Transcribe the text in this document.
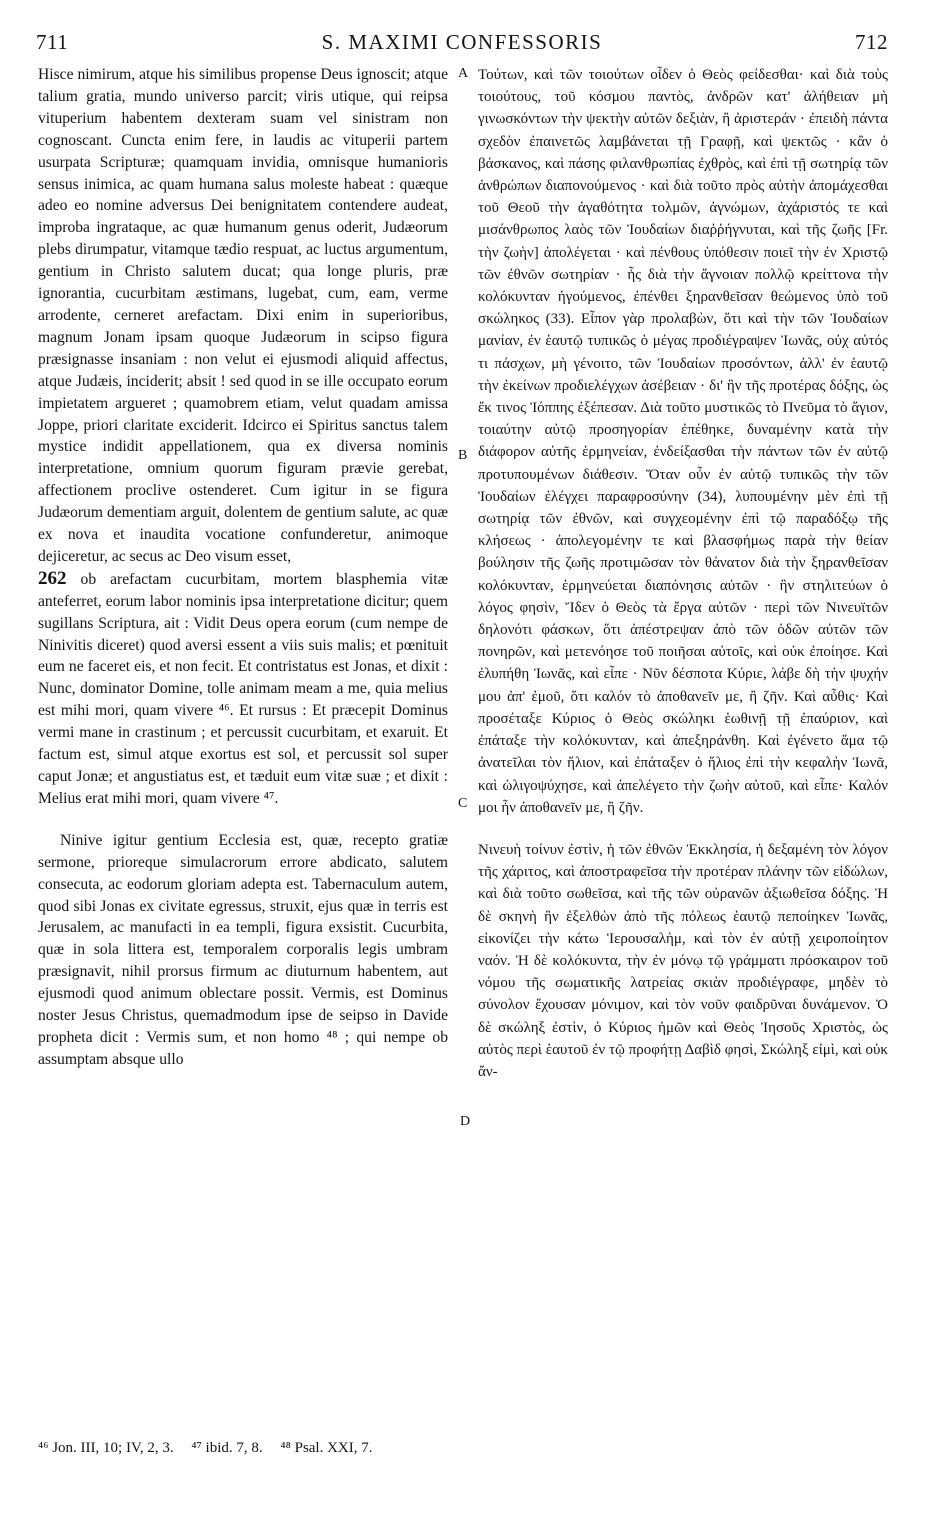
711	S. MAXIMI CONFESSORIS	712

Hisce nimirum, atque his similibus propense Deus ignoscit; atque talium gratia, mundo universo parcit; viris utique, qui reipsa vituperium habentem dexteram suam vel sinistram non cognoscant. Cuncta enim fere, in laudis ac vituperii partem usurpata Scripturæ; quamquam invidia, omnisque humanioris sensus inimica, ac quam humana salus moleste habeat : quæque adeo eo nomine adversus Dei benignitatem contendere audeat, improba ingrataque, ac quæ humanum genus oderit, Judæorum plebs dirumpatur, vitamque tædio respuat, ac luctus argumentum, gentium in Christo salutem ducat; qua longe pluris, præ ignorantia, cucurbitam æstimans, lugebat, cum, eam, verme arrodente, cerneret arefactam. Dixi enim in superioribus, magnum Jonam ipsam quoque Judæorum in scipso figura præsignasse insaniam : non velut ei ejusmodi aliquid affectus, atque Judæis, inciderit; absit ! sed quod in se ille occupato eorum impietatem argueret ; quamobrem etiam, velut quadam amissa Joppe, priori claritate exciderit. Idcirco ei Spiritus sanctus talem mystice indidit appellationem, qua ex diversa nominis interpretatione, omnium quorum figuram prævie gerebat, affectionem proclive ostenderet. Cum igitur in se figura Judæorum dementiam arguit, dolentem de gentium salute, ac quæ ex nova et inaudita vocatione confunderetur, animoque dejiceretur, ac secus ac Deo visum esset,

262 ob arefactam cucurbitam, mortem blasphemia vitæ anteferret, eorum labor nominis ipsa interpretatione dicitur; quem sugillans Scriptura, ait : Vidit Deus opera eorum (cum nempe de Ninivitis diceret) quod aversi essent a viis suis malis; et pœnituit eum ne faceret eis, et non fecit. Et contristatus est Jonas, et dixit : Nunc, dominator Domine, tolle animam meam a me, quia melius est mihi mori, quam vivere ⁴⁶. Et rursus : Et præcepit Dominus vermi mane in crastinum ; et percussit cucurbitam, et exaruit. Et factum est, simul atque exortus est sol, et percussit sol super caput Jonæ; et angustiatus est, et tæduit eum vitæ suæ ; et dixit : Melius erat mihi mori, quam vivere ⁴⁷.

Ninive igitur gentium Ecclesia est, quæ, recepto gratiæ sermone, prioreque simulacrorum errore abdicato, salutem consecuta, ac eodorum gloriam adepta est. Tabernaculum autem, quod sibi Jonas ex civitate egressus, struxit, ejus quæ in terris est Jerusalem, ac manufacti in ea templi, figura exsistit. Cucurbita, quæ in sola littera est, temporalem corporalis legis umbram præsignavit, nihil prorsus firmum ac diuturnum habentem, aut ejusmodi quod animum oblectare possit. Vermis, est Dominus noster Jesus Christus, quemadmodum ipse de seipso in Davide propheta dicit : Vermis sum, et non homo ⁴⁸ ; qui nempe ob assumptam absque ullo

Τούτων, καὶ τῶν τοιούτων οἶδεν ὁ Θεὸς φείδεσθαι· καὶ διὰ τοὺς τοιούτους, τοῦ κόσμου παντὸς, ἀνδρῶν κατ' ἀλήθειαν μὴ γινωσκόντων τὴν ψεκτὴν αὐτῶν δεξιὰν, ἢ ἀριστεράν · ἐπειδὴ πάντα σχεδὸν ἐπαινετῶς λαμβάνεται τῇ Γραφῇ, καὶ ψεκτῶς · κἂν ὁ βάσκανος, καὶ πάσης φιλανθρωπίας ἐχθρὸς, καὶ ἐπὶ τῇ σωτηρίᾳ τῶν ἀνθρώπων διαπονούμενος · καὶ διὰ τοῦτο πρὸς αὐτὴν ἀπομάχεσθαι τοῦ Θεοῦ τὴν ἀγαθότητα τολμῶν, ἀγνώμων, ἀχάριστός τε καὶ μισάνθρωπος λαὸς τῶν Ἰουδαίων διαῤῥήγνυται, καὶ τῆς ζωῆς [Fr. τὴν ζωὴν] ἀπολέγεται · καὶ πένθους ὑπόθεσιν ποιεῖ τὴν ἐν Χριστῷ τῶν ἐθνῶν σωτηρίαν · ἧς διὰ τὴν ἄγνοιαν πολλῷ κρείττονα τὴν κολόκυνταν ἡγούμενος, ἐπένθει ξηρανθεῖσαν θεώμενος ὑπὸ τοῦ σκώληκος (33). Εἶπον γὰρ προλαβὼν, ὅτι καὶ τὴν τῶν Ἰουδαίων μανίαν, ἐν ἑαυτῷ τυπικῶς ὁ μέγας προδιέγραψεν Ἰωνᾶς, οὐχ αὐτός τι πάσχων, μὴ γένοιτο, τῶν Ἰουδαίων προσόντων, ἀλλ' ἐν ἑαυτῷ τὴν ἐκείνων προδιελέγχων ἀσέβειαν · δι' ἣν τῆς προτέρας δόξης, ὡς ἔκ τινος Ἰόππης ἐξέπεσαν. Διὰ τοῦτο μυστικῶς τὸ Πνεῦμα τὸ ἅγιον, τοιαύτην αὐτῷ προσηγορίαν ἐπέθηκε, δυναμένην κατὰ τὴν διάφορον αὐτῆς ἑρμηνείαν, ἐνδείξασθαι τὴν πάντων τῶν ἐν αὐτῷ προτυπουμένων διάθεσιν. Ὅταν οὖν ἐν αὐτῷ τυπικῶς τὴν τῶν Ἰουδαίων ἐλέγχει παραφροσύνην (34), λυπουμένην μὲν ἐπὶ τῇ σωτηρίᾳ τῶν ἐθνῶν, καὶ συγχεομένην ἐπὶ τῷ παραδόξῳ τῆς κλήσεως · ἀπολεγομένην τε καὶ βλασφήμως παρὰ τὴν θείαν βούλησιν τῆς ζωῆς προτιμῶσαν τὸν θάνατον διὰ τὴν ξηρανθεῖσαν κολόκυνταν, ἑρμηνεύεται διαπόνησις αὐτῶν · ἣν στηλιτεύων ὁ λόγος φησὶν, Ἴδεν ὁ Θεὸς τὰ ἔργα αὐτῶν · περὶ τῶν Νινευϊτῶν δηλονότι φάσκων, ὅτι ἀπέστρεψαν ἀπὸ τῶν ὁδῶν αὐτῶν τῶν πονηρῶν, καὶ μετενόησε τοῦ ποιῆσαι αὐτοῖς, καὶ οὐκ ἐποίησε. Καὶ ἐλυπήθη Ἰωνᾶς, καὶ εἶπε · Νῦν δέσποτα Κύριε, λάβε δὴ τὴν ψυχήν μου ἀπ' ἐμοῦ, ὅτι καλόν τὸ ἀποθανεῖν με, ἢ ζῆν. Καὶ αὖθις· Καὶ προσέταξε Κύριος ὁ Θεὸς σκώληκι ἑωθινῇ τῇ ἐπαύριον, καὶ ἐπάταξε τὴν κολόκυνταν, καὶ ἀπεξηράνθη. Καὶ ἐγένετο ἅμα τῷ ἀνατεῖλαι τὸν ἥλιον, καὶ ἐπάταξεν ὁ ἥλιος ἐπὶ τὴν κεφαλὴν Ἰωνᾶ, καὶ ὠλιγοψύχησε, καὶ ἀπελέγετο τὴν ζωὴν αὐτοῦ, καὶ εἶπε· Καλόν μοι ἦν ἀποθανεῖν με, ἢ ζῆν.

Νινευὴ τοίνυν ἐστὶν, ἡ τῶν ἐθνῶν Ἐκκλησία, ἡ δεξαμένη τὸν λόγον τῆς χάριτος, καὶ ἀποστραφεῖσα τὴν προτέραν πλάνην τῶν εἰδώλων, καὶ διὰ τοῦτο σωθεῖσα, καὶ τῆς τῶν οὐρανῶν ἀξιωθεῖσα δόξης. Ἡ δὲ σκηνὴ ἣν ἐξελθὼν ἀπὸ τῆς πόλεως ἑαυτῷ πεποίηκεν Ἰωνᾶς, εἰκονίζει τὴν κάτω Ἱερουσαλὴμ, καὶ τὸν ἐν αὐτῇ χειροποίητον ναόν. Ἡ δὲ κολόκυντα, τὴν ἐν μόνῳ τῷ γράμματι πρόσκαιρον τοῦ νόμου τῆς σωματικῆς λατρείας σκιὰν προδιέγραφε, μηδὲν τὸ σύνολον ἔχουσαν μόνιμον, καὶ τὸν νοῦν φαιδρῦναι δυνάμενον. Ὁ δὲ σκώληξ ἐστὶν, ὁ Κύριος ἡμῶν καὶ Θεὸς Ἰησοῦς Χριστὸς, ὡς αὐτὸς περὶ ἑαυτοῦ ἐν τῷ προφήτῃ Δαβὶδ φησὶ, Σκώληξ εἰμὶ, καὶ οὐκ ἄν-

A
B
C
D
⁴⁶ Jon. III, 10; IV, 2, 3. ⁴⁷ ibid. 7, 8. ⁴⁸ Psal. XXI, 7.
